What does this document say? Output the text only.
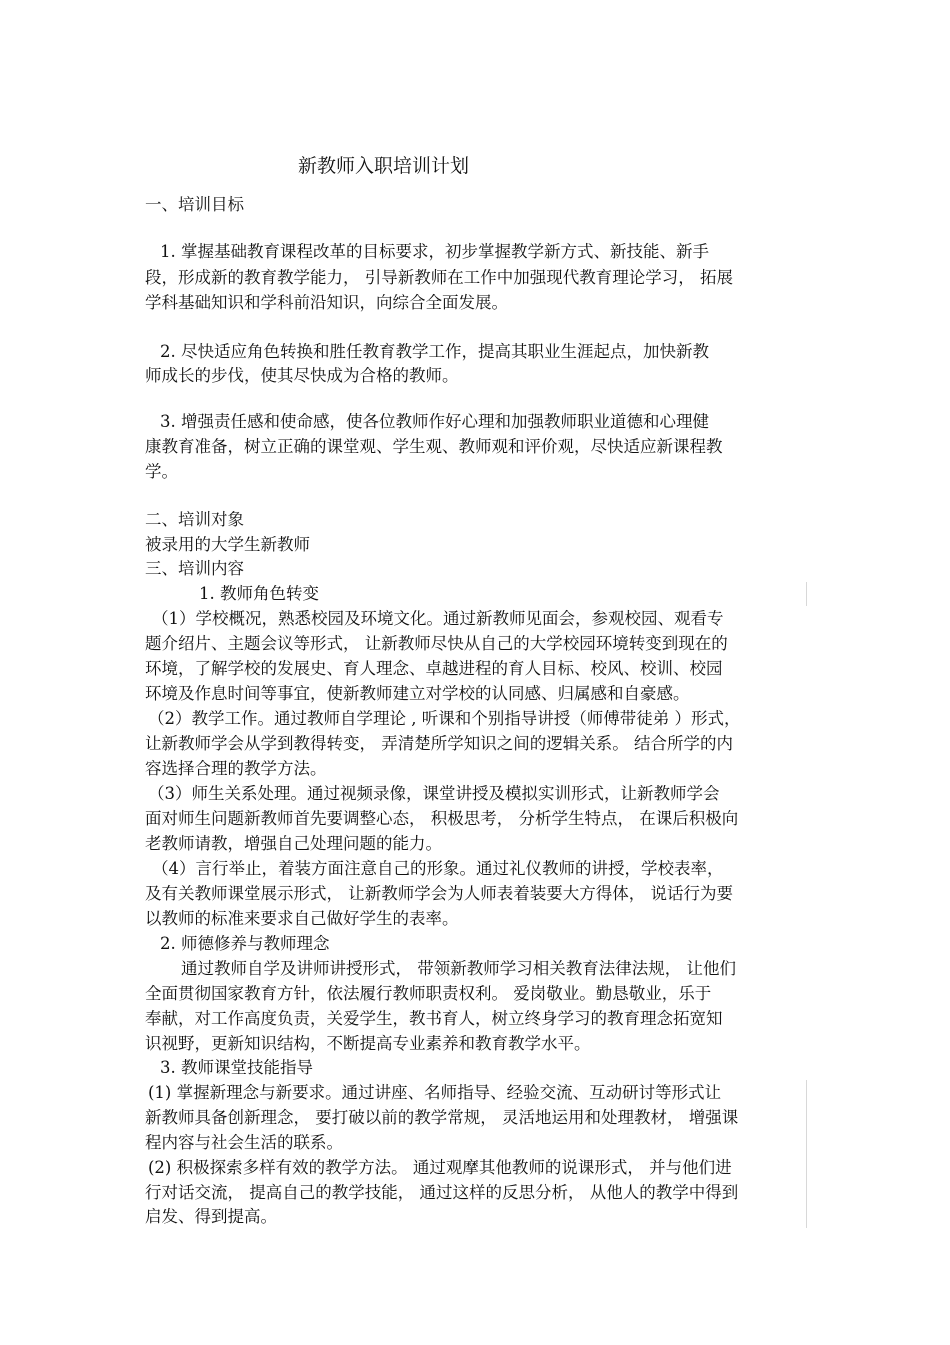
新教师入职培训计划
一、培训目标
1. 掌握基础教育课程改革的目标要求，初步掌握教学新方式、新技能、新手
段，形成新的教育教学能力， 引导新教师在工作中加强现代教育理论学习， 拓展
学科基础知识和学科前沿知识，向综合全面发展。
2. 尽快适应角色转换和胜任教育教学工作，提高其职业生涯起点，加快新教
师成长的步伐，使其尽快成为合格的教师。
3. 增强责任感和使命感，使各位教师作好心理和加强教师职业道德和心理健
康教育准备，树立正确的课堂观、学生观、教师观和评价观，尽快适应新课程教
学。
二、培训对象
被录用的大学生新教师
三、培训内容
1. 教师角色转变
（1）学校概况，熟悉校园及环境文化。通过新教师见面会，参观校园、观看专
题介绍片、主题会议等形式， 让新教师尽快从自己的大学校园环境转变到现在的
环境，了解学校的发展史、育人理念、卓越进程的育人目标、校风、校训、校园
环境及作息时间等事宜，使新教师建立对学校的认同感、归属感和自豪感。
（2）教学工作。通过教师自学理论 , 听课和个别指导讲授（师傅带徒弟 ）形式，
让新教师学会从学到教得转变， 弄清楚所学知识之间的逻辑关系。 结合所学的内
容选择合理的教学方法。
（3）师生关系处理。通过视频录像，课堂讲授及模拟实训形式，让新教师学会
面对师生问题新教师首先要调整心态， 积极思考， 分析学生特点， 在课后积极向
老教师请教，增强自己处理问题的能力。
（4）言行举止，着装方面注意自己的形象。通过礼仪教师的讲授，学校表率，
及有关教师课堂展示形式， 让新教师学会为人师表着装要大方得体， 说话行为要
以教师的标准来要求自己做好学生的表率。
2. 师德修养与教师理念
通过教师自学及讲师讲授形式， 带领新教师学习相关教育法律法规， 让他们
全面贯彻国家教育方针，依法履行教师职责权利。 爱岗敬业。勤恳敬业，乐于
奉献，对工作高度负责，关爱学生，教书育人，树立终身学习的教育理念拓宽知
识视野，更新知识结构，不断提高专业素养和教育教学水平。
3. 教师课堂技能指导
(1) 掌握新理念与新要求。通过讲座、名师指导、经验交流、互动研讨等形式让
新教师具备创新理念， 要打破以前的教学常规， 灵活地运用和处理教材， 增强课
程内容与社会生活的联系。
(2) 积极探索多样有效的教学方法。 通过观摩其他教师的说课形式， 并与他们进
行对话交流， 提高自己的教学技能， 通过这样的反思分析， 从他人的教学中得到
启发、得到提高。
